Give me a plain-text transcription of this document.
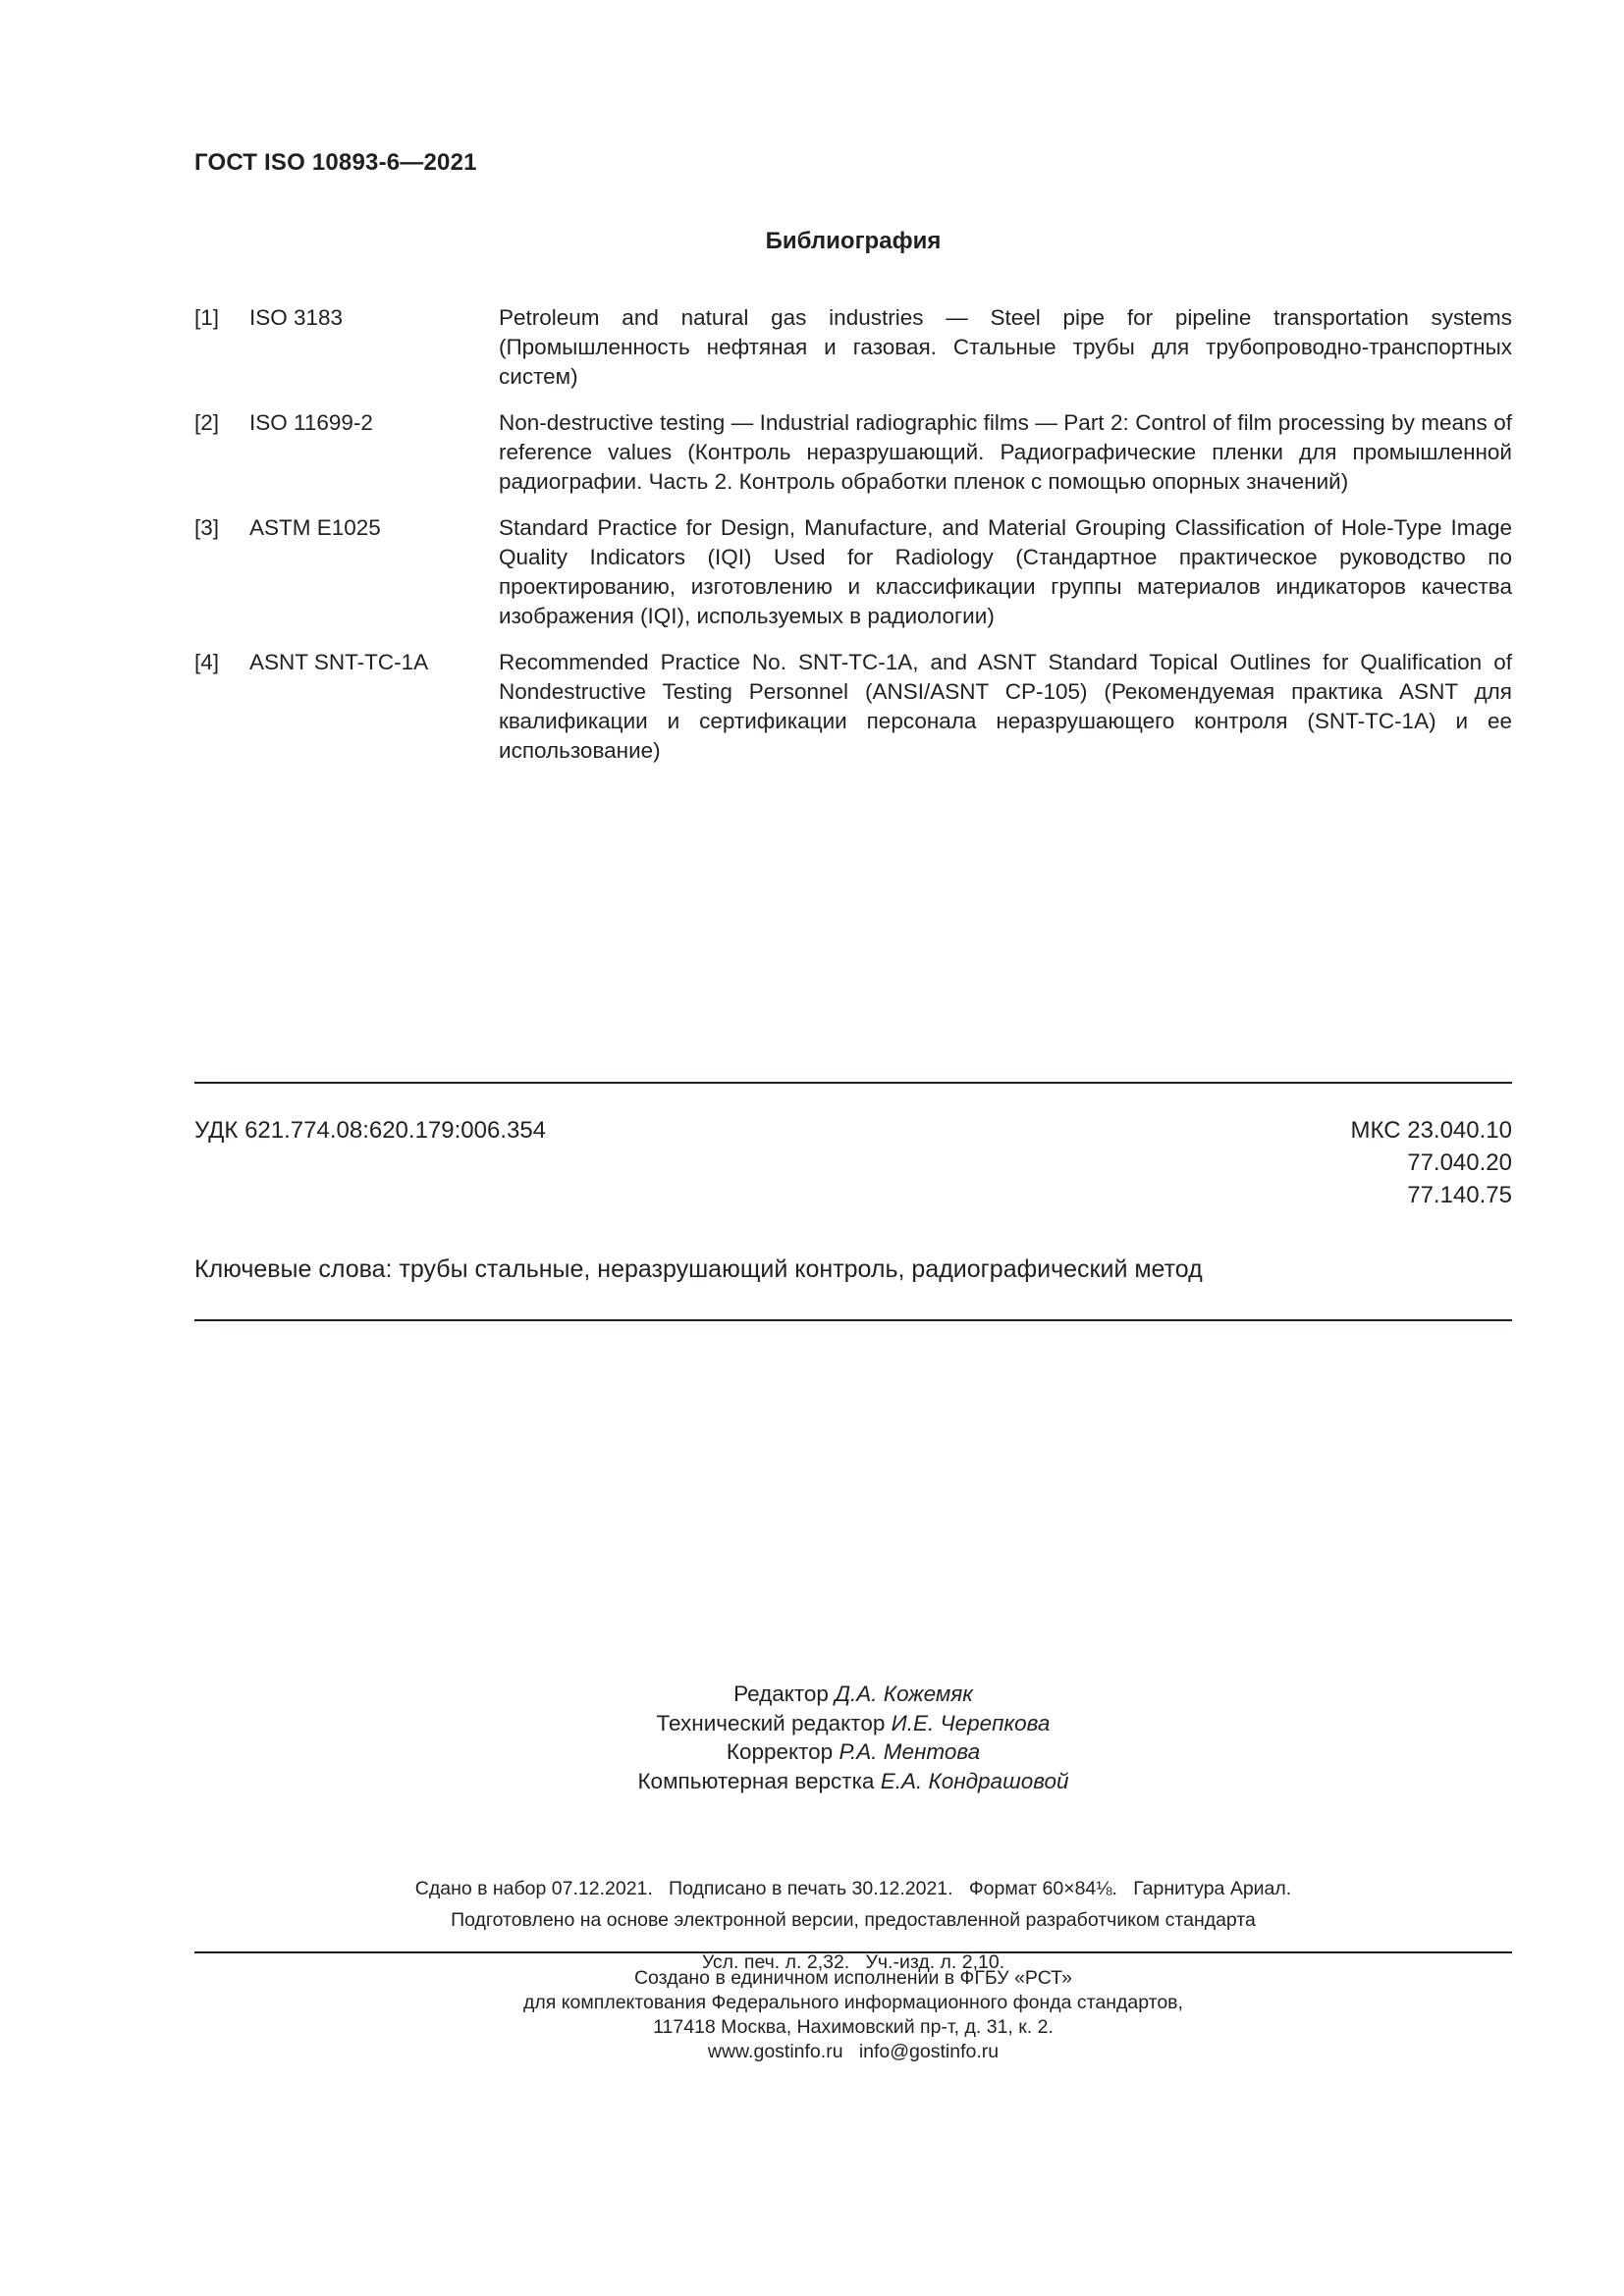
ГОСТ ISO 10893-6—2021
Библиография
[1]	ISO 3183	Petroleum and natural gas industries — Steel pipe for pipeline transportation systems (Промышленность нефтяная и газовая. Стальные трубы для трубопроводно-транспортных систем)
[2]	ISO 11699-2	Non-destructive testing — Industrial radiographic films — Part 2: Control of film processing by means of reference values (Контроль неразрушающий. Радиографические пленки для промышленной радиографии. Часть 2. Контроль обработки пленок с помощью опорных значений)
[3]	ASTM E1025	Standard Practice for Design, Manufacture, and Material Grouping Classification of Hole-Type Image Quality Indicators (IQI) Used for Radiology (Стандартное практическое руководство по проектированию, изготовлению и классификации группы материалов индикаторов качества изображения (IQI), используемых в радиологии)
[4]	ASNT SNT-TC-1A	Recommended Practice No. SNT-TC-1A, and ASNT Standard Topical Outlines for Qualification of Nondestructive Testing Personnel (ANSI/ASNT CP-105) (Рекомендуемая практика ASNT для квалификации и сертификации персонала неразрушающего контроля (SNT-TC-1A) и ее использование)
УДК 621.774.08:620.179:006.354	МКС 23.040.10
77.040.20
77.140.75
Ключевые слова: трубы стальные, неразрушающий контроль, радиографический метод
Редактор Д.А. Кожемяк
Технический редактор И.Е. Черепкова
Корректор Р.А. Ментова
Компьютерная верстка Е.А. Кондрашовой

Сдано в набор 07.12.2021.   Подписано в печать 30.12.2021.   Формат 60×84⅛.   Гарнитура Ариал.

Усл. печ. л. 2,32.   Уч.-изд. л. 2,10.

Подготовлено на основе электронной версии, предоставленной разработчиком стандарта
Создано в единичном исполнении в ФГБУ «РСТ»
для комплектования Федерального информационного фонда стандартов,
117418 Москва, Нахимовский пр-т, д. 31, к. 2.
www.gostinfo.ru info@gostinfo.ru
